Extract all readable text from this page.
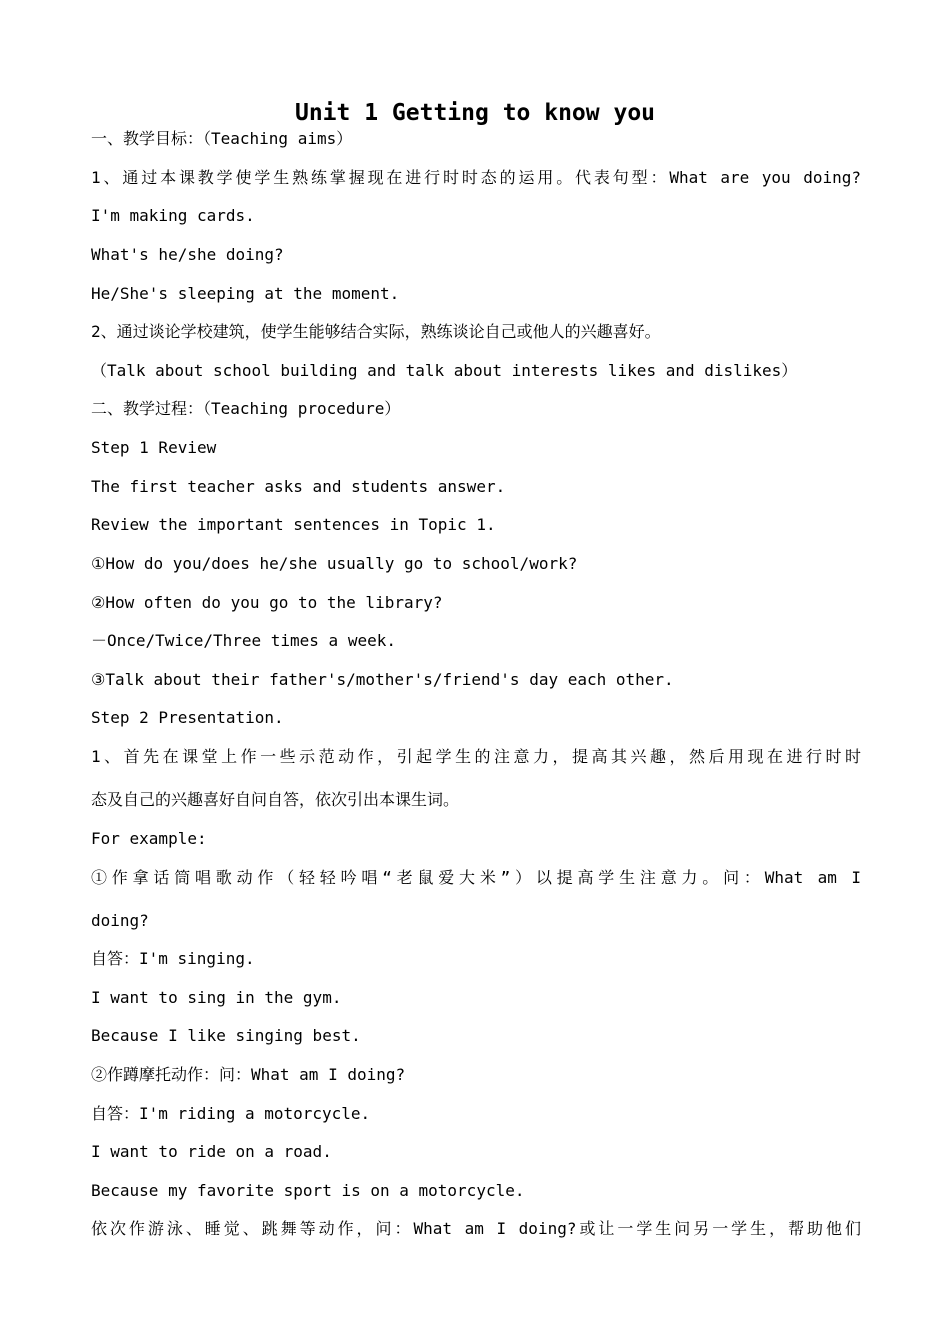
Unit 1 Getting to know you
一、教学目标：（Teaching aims）
1、通过本课教学使学生熟练掌握现在进行时时态的运用。代表句型：What are you doing?
I'm making cards.
What's he/she doing?
He/She's sleeping at the moment.
2、通过谈论学校建筑，使学生能够结合实际，熟练谈论自己或他人的兴趣喜好。
（Talk about school building and talk about interests likes and dislikes）
二、教学过程：（Teaching procedure）
Step 1 Review
The first teacher asks and students answer.
Review the important sentences in Topic 1.
①How do you/does he/she usually go to school/work?
②How often do you go to the library?
－Once/Twice/Three times a week.
③Talk about their father's/mother's/friend's day each other.
Step 2 Presentation.
1、首先在课堂上作一些示范动作，引起学生的注意力，提高其兴趣，然后用现在进行时时
态及自己的兴趣喜好自问自答，依次引出本课生词。
For example:
①作拿话筒唱歌动作（轻轻吟唱“老鼠爱大米”）以提高学生注意力。问：What am I
doing?
自答：I'm singing.
I want to sing in the gym.
Because I like singing best.
②作蹲摩托动作：问：What am I doing?
自答：I'm riding a motorcycle.
I want to ride on a road.
Because my favorite sport is on a motorcycle.
依次作游泳、睡觉、跳舞等动作，问：What am I doing?或让一学生问另一学生，帮助他们
